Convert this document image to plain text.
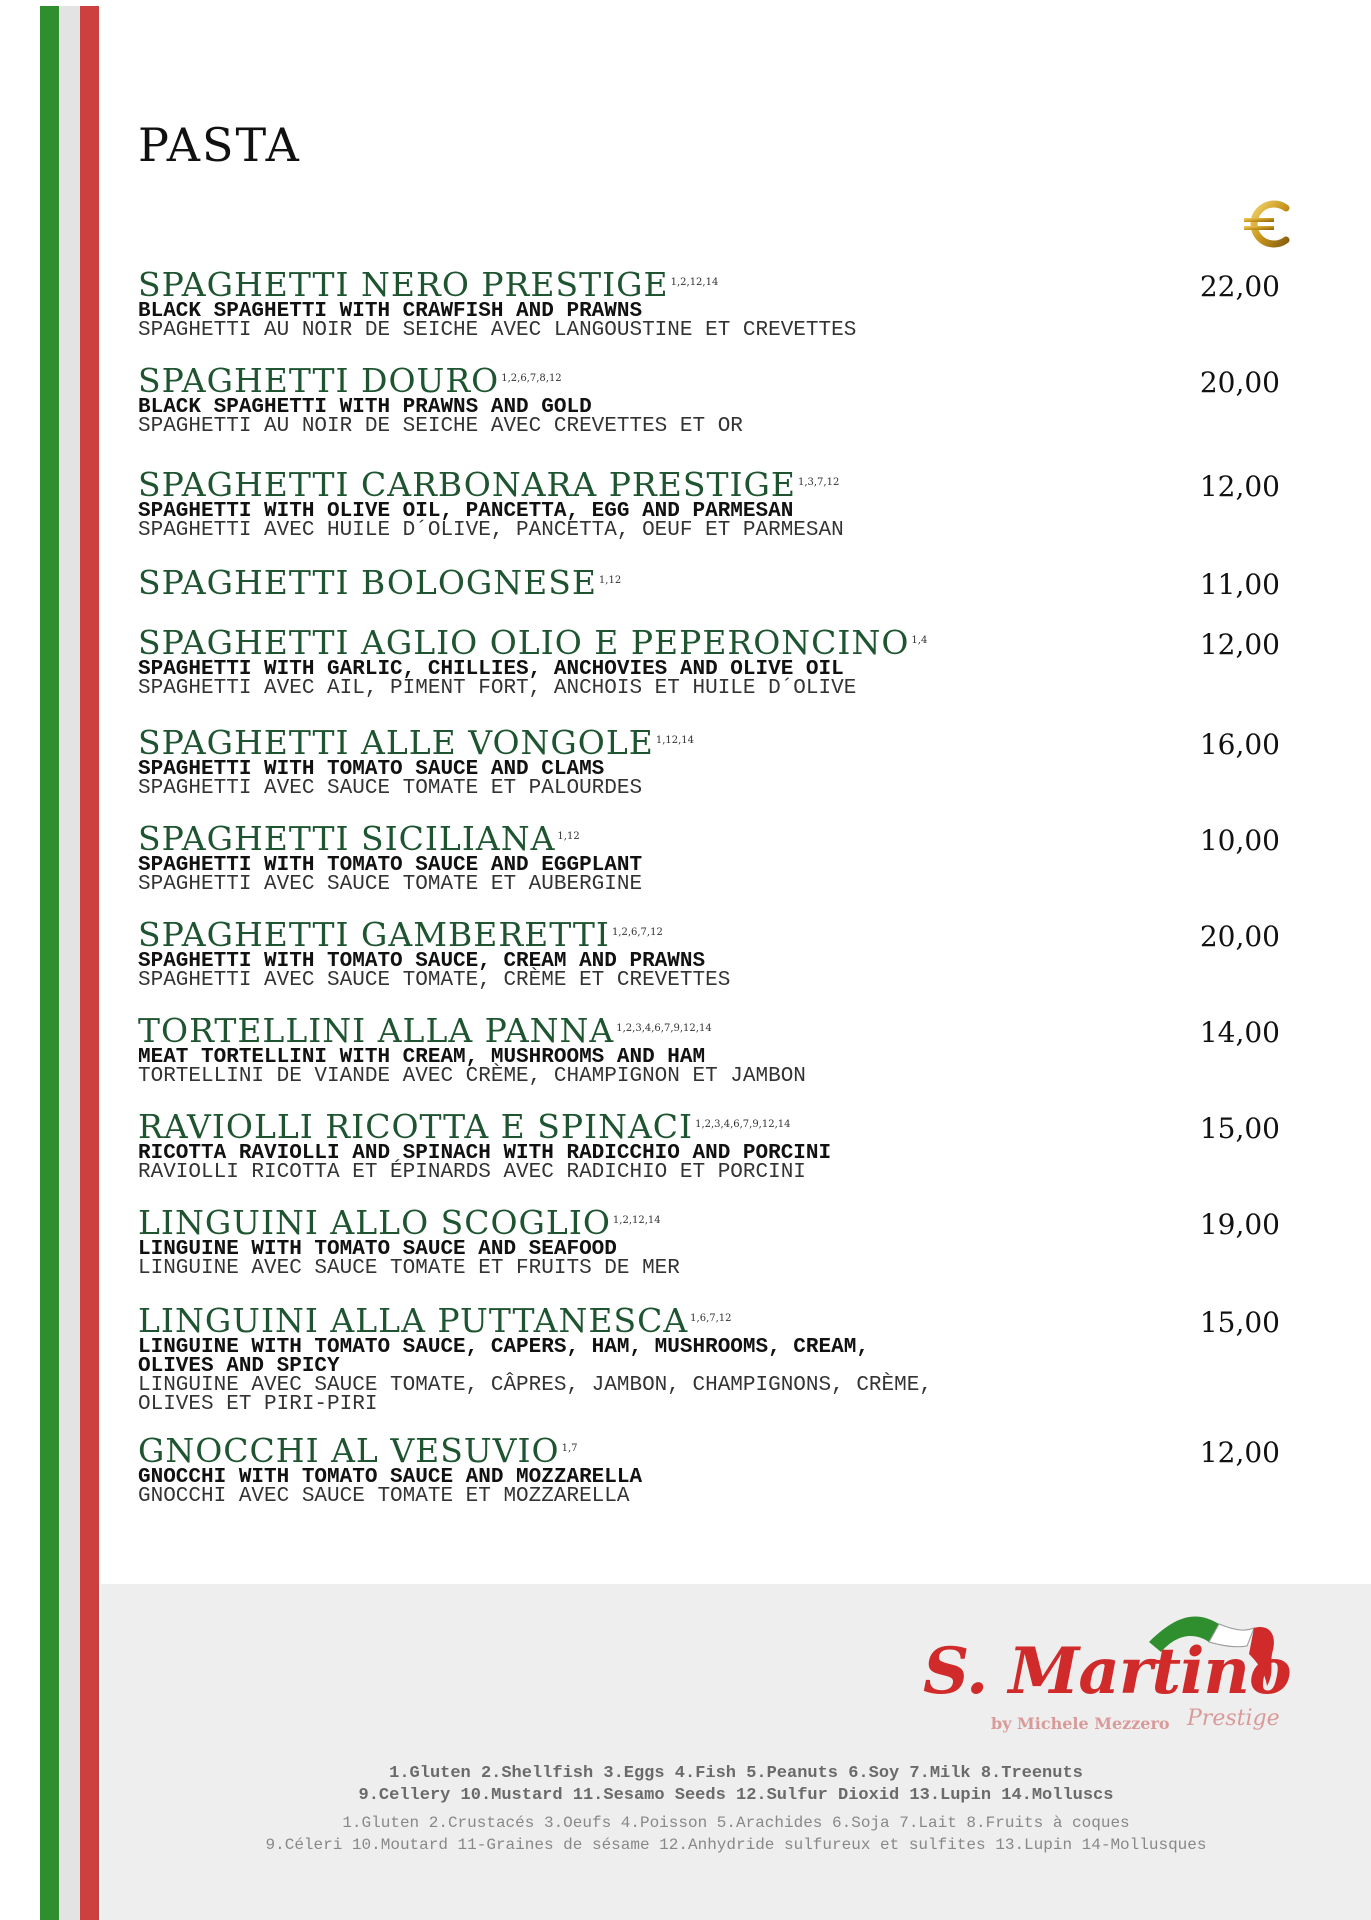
PASTA
SPAGHETTI NERO PRESTIGE $^{1,2,12,14}$
BLACK SPAGHETTI WITH CRAWFISH AND PRAWNS
SPAGHETTI AU NOIR DE SEICHE AVEC LANGOUSTINE ET CREVETTES
22,00
SPAGHETTI DOURO $^{1,2,6,7,8,12}$
BLACK SPAGHETTI WITH PRAWNS AND GOLD
SPAGHETTI AU NOIR DE SEICHE AVEC CREVETTES ET OR
20,00
SPAGHETTI CARBONARA PRESTIGE $^{1,3,7,12}$
SPAGHETTI WITH OLIVE OIL, PANCETTA, EGG AND PARMESAN
SPAGHETTI AVEC HUILE D´OLIVE, PANCETTA, OEUF ET PARMESAN
12,00
SPAGHETTI BOLOGNESE $^{1,12}$	11,00
SPAGHETTI AGLIO OLIO E PEPERONCINO $^{1,4}$
SPAGHETTI WITH GARLIC, CHILLIES, ANCHOVIES AND OLIVE OIL
SPAGHETTI AVEC AIL, PIMENT FORT, ANCHOIS ET HUILE D´OLIVE
12,00
SPAGHETTI ALLE VONGOLE $^{1,12,14}$
SPAGHETTI WITH TOMATO SAUCE AND CLAMS
SPAGHETTI AVEC SAUCE TOMATE ET PALOURDES
16,00
SPAGHETTI SICILIANA $^{1,12}$
SPAGHETTI WITH TOMATO SAUCE AND EGGPLANT
SPAGHETTI AVEC SAUCE TOMATE ET AUBERGINE
10,00
SPAGHETTI GAMBERETTI $^{1,2,6,7,12}$
SPAGHETTI WITH TOMATO SAUCE, CREAM AND PRAWNS
SPAGHETTI AVEC SAUCE TOMATE, CRÈME ET CREVETTES
20,00
TORTELLINI ALLA PANNA $^{1,2,3,4,6,7,9,12,14}$
MEAT TORTELLINI WITH CREAM, MUSHROOMS AND HAM
TORTELLINI DE VIANDE AVEC CRÈME, CHAMPIGNON ET JAMBON
14,00
RAVIOLLI RICOTTA E SPINACI $^{1,2,3,4,6,7,9,12,14}$
RICOTTA RAVIOLLI AND SPINACH WITH RADICCHIO AND PORCINI
RAVIOLLI RICOTTA ET ÉPINARDS AVEC RADICHIO ET PORCINI
15,00
LINGUINI ALLO SCOGLIO $^{1,2,12,14}$
LINGUINE WITH TOMATO SAUCE AND SEAFOOD
LINGUINE AVEC SAUCE TOMATE ET FRUITS DE MER
19,00
LINGUINI ALLA PUTTANESCA $^{1,6,7,12}$
LINGUINE WITH TOMATO SAUCE, CAPERS, HAM, MUSHROOMS, CREAM,
OLIVES AND SPICY
LINGUINE AVEC SAUCE TOMATE, CÂPRES, JAMBON, CHAMPIGNONS, CRÈME,
OLIVES ET PIRI-PIRI
15,00
GNOCCHI AL VESUVIO $^{1,7}$
GNOCCHI WITH TOMATO SAUCE AND MOZZARELLA
GNOCCHI AVEC SAUCE TOMATE ET MOZZARELLA
12,00
S. Martino
by Michele Mezzero Prestige
1.Gluten 2.Shellfish 3.Eggs 4.Fish 5.Peanuts 6.Soy 7.Milk 8.Treenuts
9.Cellery 10.Mustard 11.Sesamo Seeds 12.Sulfur Dioxid 13.Lupin 14.Molluscs
1.Gluten 2.Crustacés 3.Oeufs 4.Poisson 5.Arachides 6.Soja 7.Lait 8.Fruits à coques
9.Céleri 10.Moutard 11-Graines de sésame 12.Anhydride sulfureux et sulfites 13.Lupin 14-Mollusques
